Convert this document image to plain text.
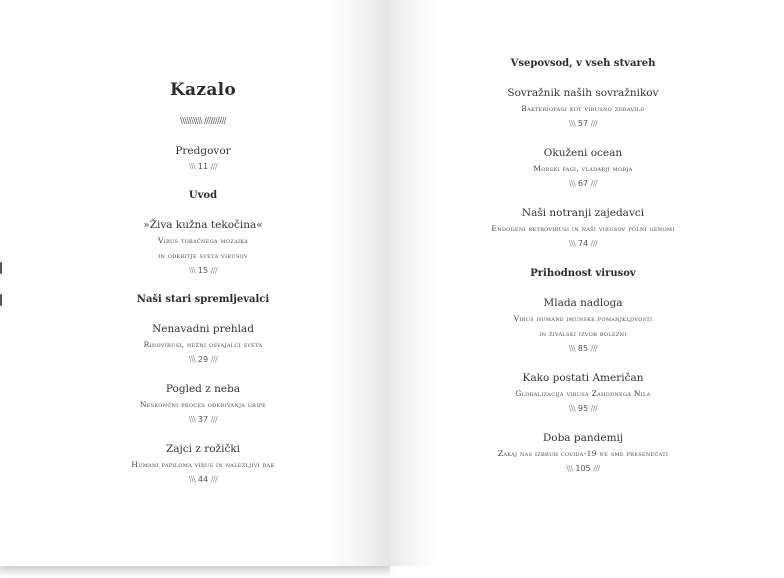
Kazalo
\\\\\\\\\\ //////////
Predgovor
\\\ 11 ///
Uvod
»Živa kužna tekočina«
Virus tobačnega mozaika
in odkritje sveta virusov
\\\ 15 ///
Naši stari spremljevalci
Nenavadni prehlad
Rinovirusi, nežni osvajalci sveta
\\\ 29 ///
Pogled z neba
Neskončni proces odkrivanja gripe
\\\ 37 ///
Zajci z rožički
Humani papiloma virus in nalezljivi rak
\\\ 44 ///
Vsepovsod, v vseh stvareh
Sovražnik naših sovražnikov
Bakteriofagi kot virusno zdravilo
\\\ 57 ///
Okuženi ocean
Morski fagi, vladarji morja
\\\ 67 ///
Naši notranji zajedavci
Endogeni retrovirusi in naši virusov polni genomi
\\\ 74 ///
Prihodnost virusov
Mlada nadloga
Virus humane imunske pomanjkljivosti
in živalski izvor bolezni
\\\ 85 ///
Kako postati Američan
Globalizacija virusa Zahodnega Nila
\\\ 95 ///
Doba pandemij
Zakaj nas izbruh covida-19 ne sme presenečati
\\\ 105 ///
